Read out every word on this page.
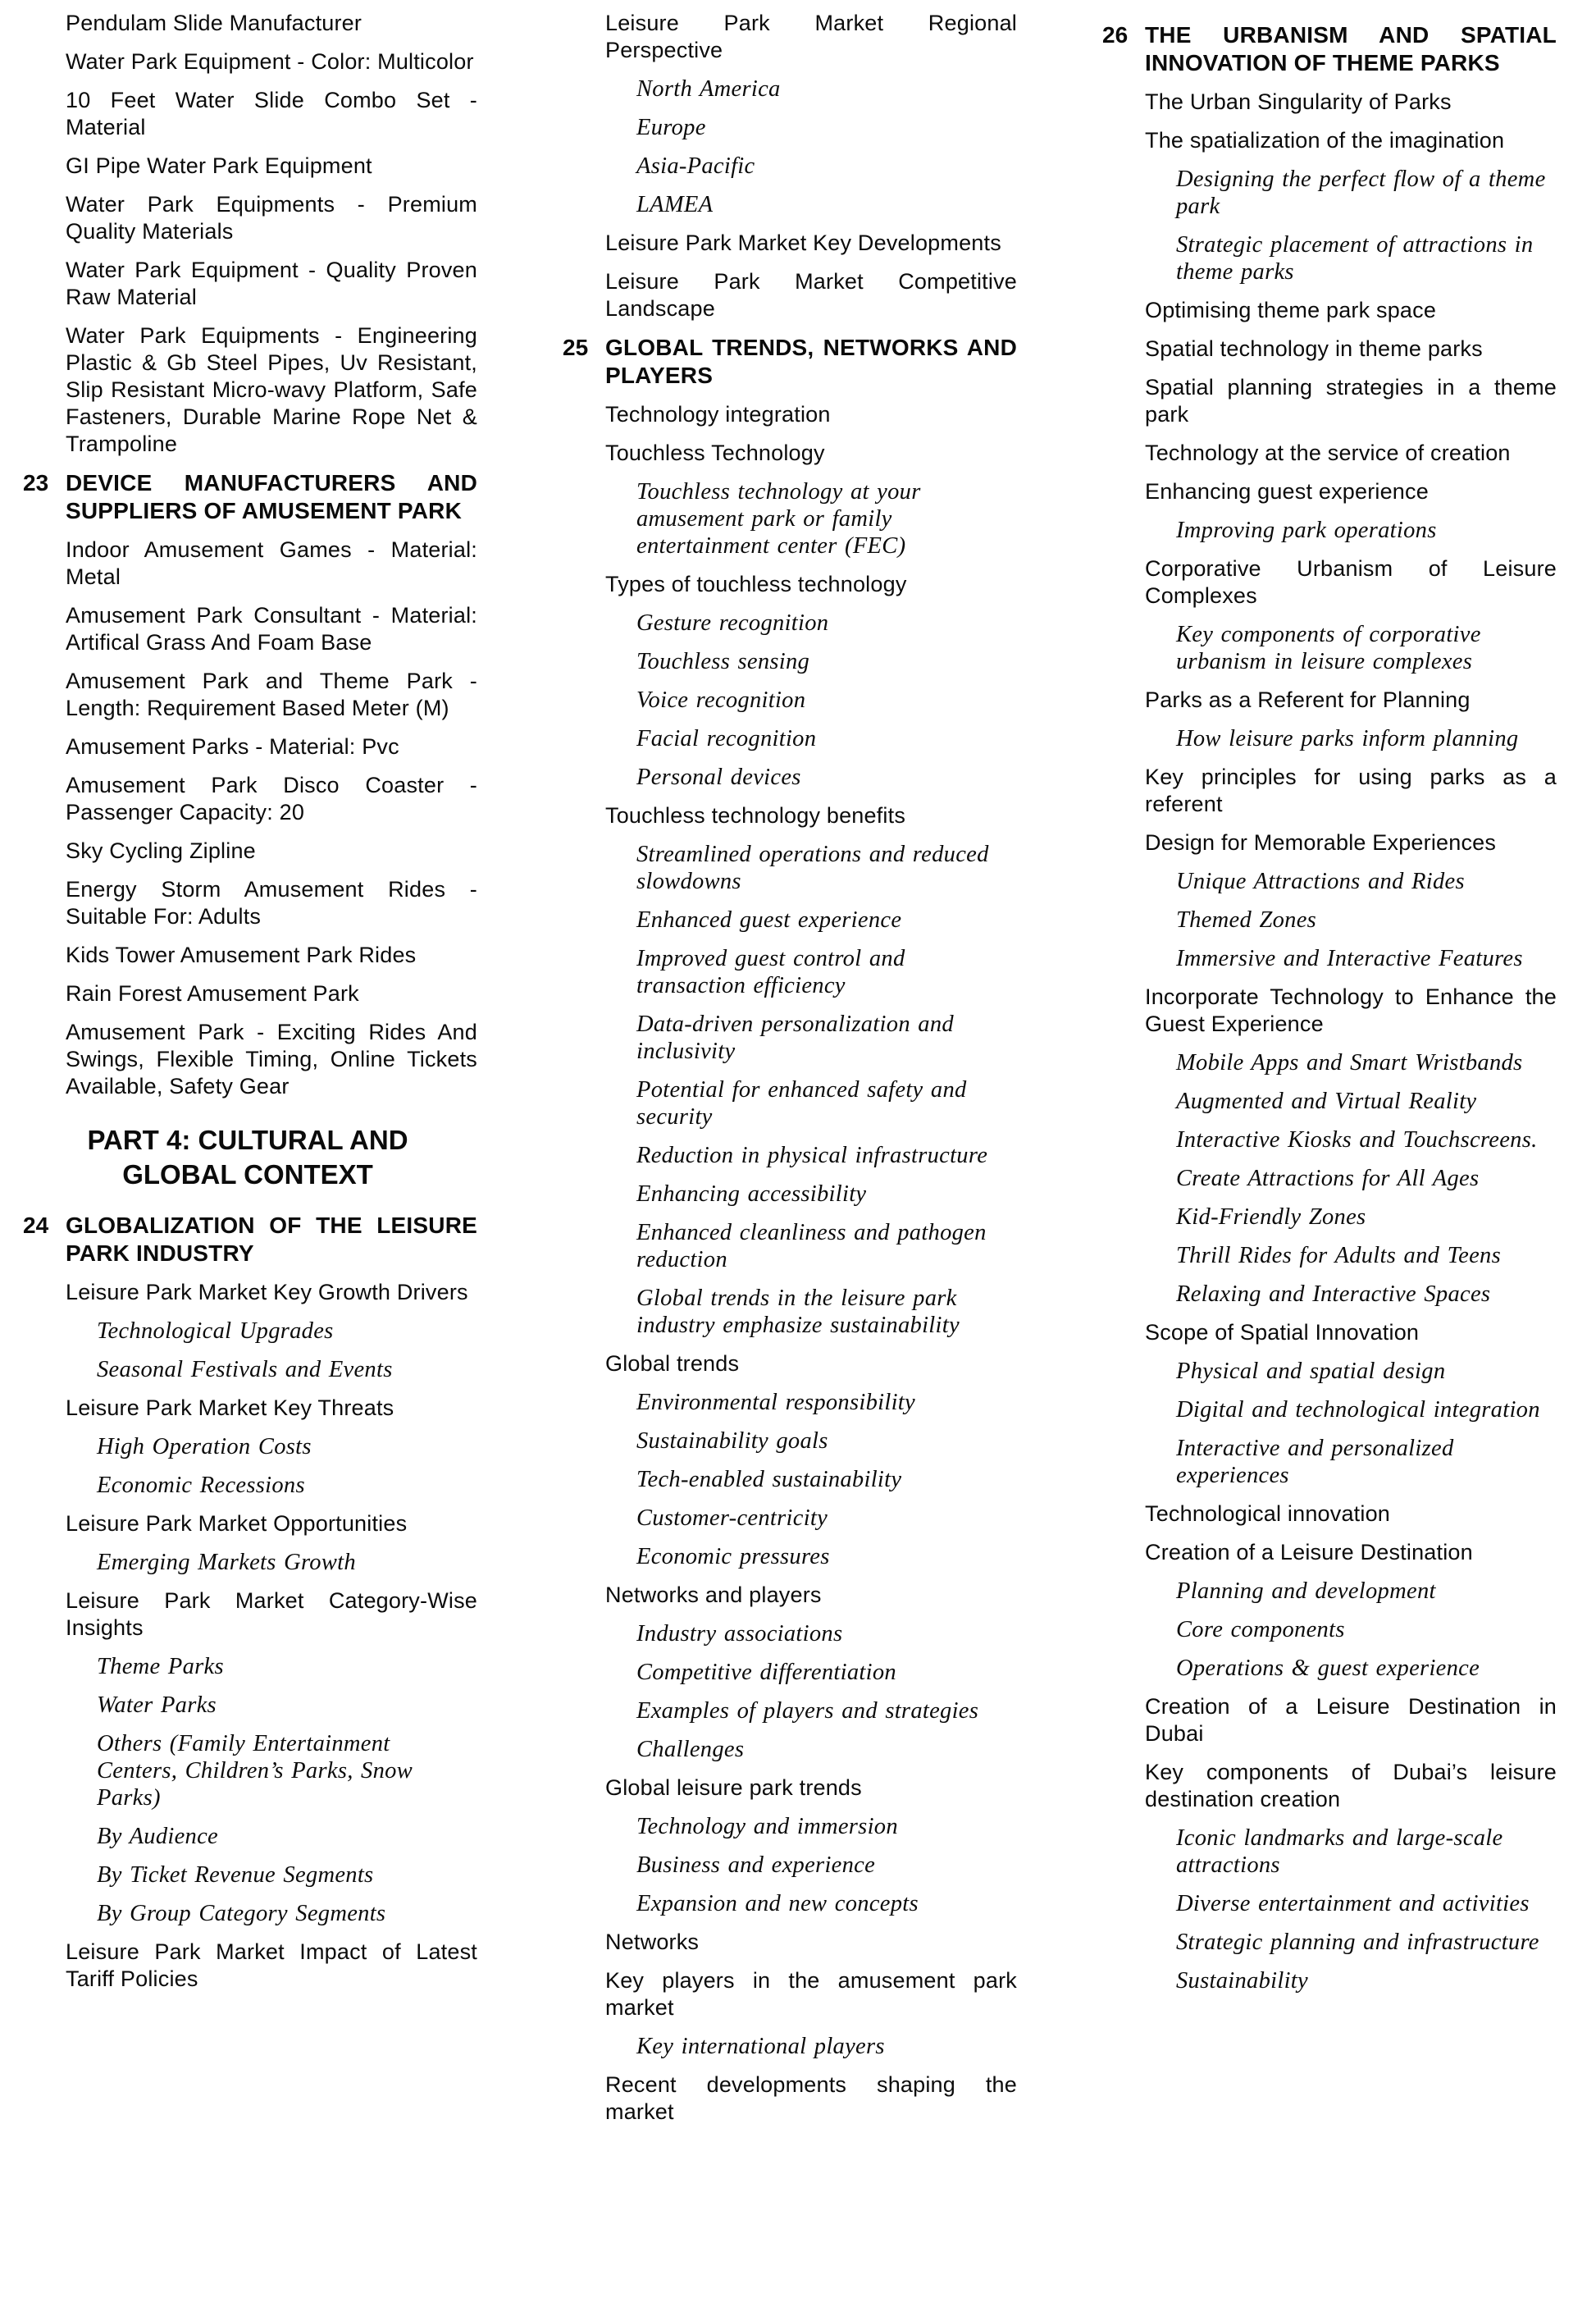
Pendulam Slide Manufacturer
Water Park Equipment - Color: Multicolor
10 Feet Water Slide Combo Set - Material
GI Pipe Water Park Equipment
Water Park Equipments - Premium Quality Materials
Water Park Equipment - Quality Proven Raw Material
Water Park Equipments - Engineering Plastic & Gb Steel Pipes, Uv Resistant, Slip Resistant Micro-wavy Platform, Safe Fasteners, Durable Marine Rope Net & Trampoline
23 DEVICE MANUFACTURERS AND SUPPLIERS OF AMUSEMENT PARK
Indoor Amusement Games - Material: Metal
Amusement Park Consultant - Material: Artifical Grass And Foam Base
Amusement Park and Theme Park - Length: Requirement Based Meter (M)
Amusement Parks - Material: Pvc
Amusement Park Disco Coaster - Passenger Capacity: 20
Sky Cycling Zipline
Energy Storm Amusement Rides - Suitable For: Adults
Kids Tower Amusement Park Rides
Rain Forest Amusement Park
Amusement Park - Exciting Rides And Swings, Flexible Timing, Online Tickets Available, Safety Gear
PART 4: CULTURAL AND GLOBAL CONTEXT
24 GLOBALIZATION OF THE LEISURE PARK INDUSTRY
Leisure Park Market Key Growth Drivers
Technological Upgrades
Seasonal Festivals and Events
Leisure Park Market Key Threats
High Operation Costs
Economic Recessions
Leisure Park Market Opportunities
Emerging Markets Growth
Leisure Park Market Category-Wise Insights
Theme Parks
Water Parks
Others (Family Entertainment Centers, Children’s Parks, Snow Parks)
By Audience
By Ticket Revenue Segments
By Group Category Segments
Leisure Park Market Impact of Latest Tariff Policies
Leisure Park Market Regional Perspective
North America
Europe
Asia-Pacific
LAMEA
Leisure Park Market Key Developments
Leisure Park Market Competitive Landscape
25 GLOBAL TRENDS, NETWORKS AND PLAYERS
Technology integration
Touchless Technology
Touchless technology at your amusement park or family entertainment center (FEC)
Types of touchless technology
Gesture recognition
Touchless sensing
Voice recognition
Facial recognition
Personal devices
Touchless technology benefits
Streamlined operations and reduced slowdowns
Enhanced guest experience
Improved guest control and transaction efficiency
Data-driven personalization and inclusivity
Potential for enhanced safety and security
Reduction in physical infrastructure
Enhancing accessibility
Enhanced cleanliness and pathogen reduction
Global trends in the leisure park industry emphasize sustainability
Global trends
Environmental responsibility
Sustainability goals
Tech-enabled sustainability
Customer-centricity
Economic pressures
Networks and players
Industry associations
Competitive differentiation
Examples of players and strategies
Challenges
Global leisure park trends
Technology and immersion
Business and experience
Expansion and new concepts
Networks
Key players in the amusement park market
Key international players
Recent developments shaping the market
26 THE URBANISM AND SPATIAL INNOVATION OF THEME PARKS
The Urban Singularity of Parks
The spatialization of the imagination
Designing the perfect flow of a theme park
Strategic placement of attractions in theme parks
Optimising theme park space
Spatial technology in theme parks
Spatial planning strategies in a theme park
Technology at the service of creation
Enhancing guest experience
Improving park operations
Corporative Urbanism of Leisure Complexes
Key components of corporative urbanism in leisure complexes
Parks as a Referent for Planning
How leisure parks inform planning
Key principles for using parks as a referent
Design for Memorable Experiences
Unique Attractions and Rides
Themed Zones
Immersive and Interactive Features
Incorporate Technology to Enhance the Guest Experience
Mobile Apps and Smart Wristbands
Augmented and Virtual Reality
Interactive Kiosks and Touchscreens.
Create Attractions for All Ages
Kid-Friendly Zones
Thrill Rides for Adults and Teens
Relaxing and Interactive Spaces
Scope of Spatial Innovation
Physical and spatial design
Digital and technological integration
Interactive and personalized experiences
Technological innovation
Creation of a Leisure Destination
Planning and development
Core components
Operations & guest experience
Creation of a Leisure Destination in Dubai
Key components of Dubai’s leisure destination creation
Iconic landmarks and large-scale attractions
Diverse entertainment and activities
Strategic planning and infrastructure
Sustainability
